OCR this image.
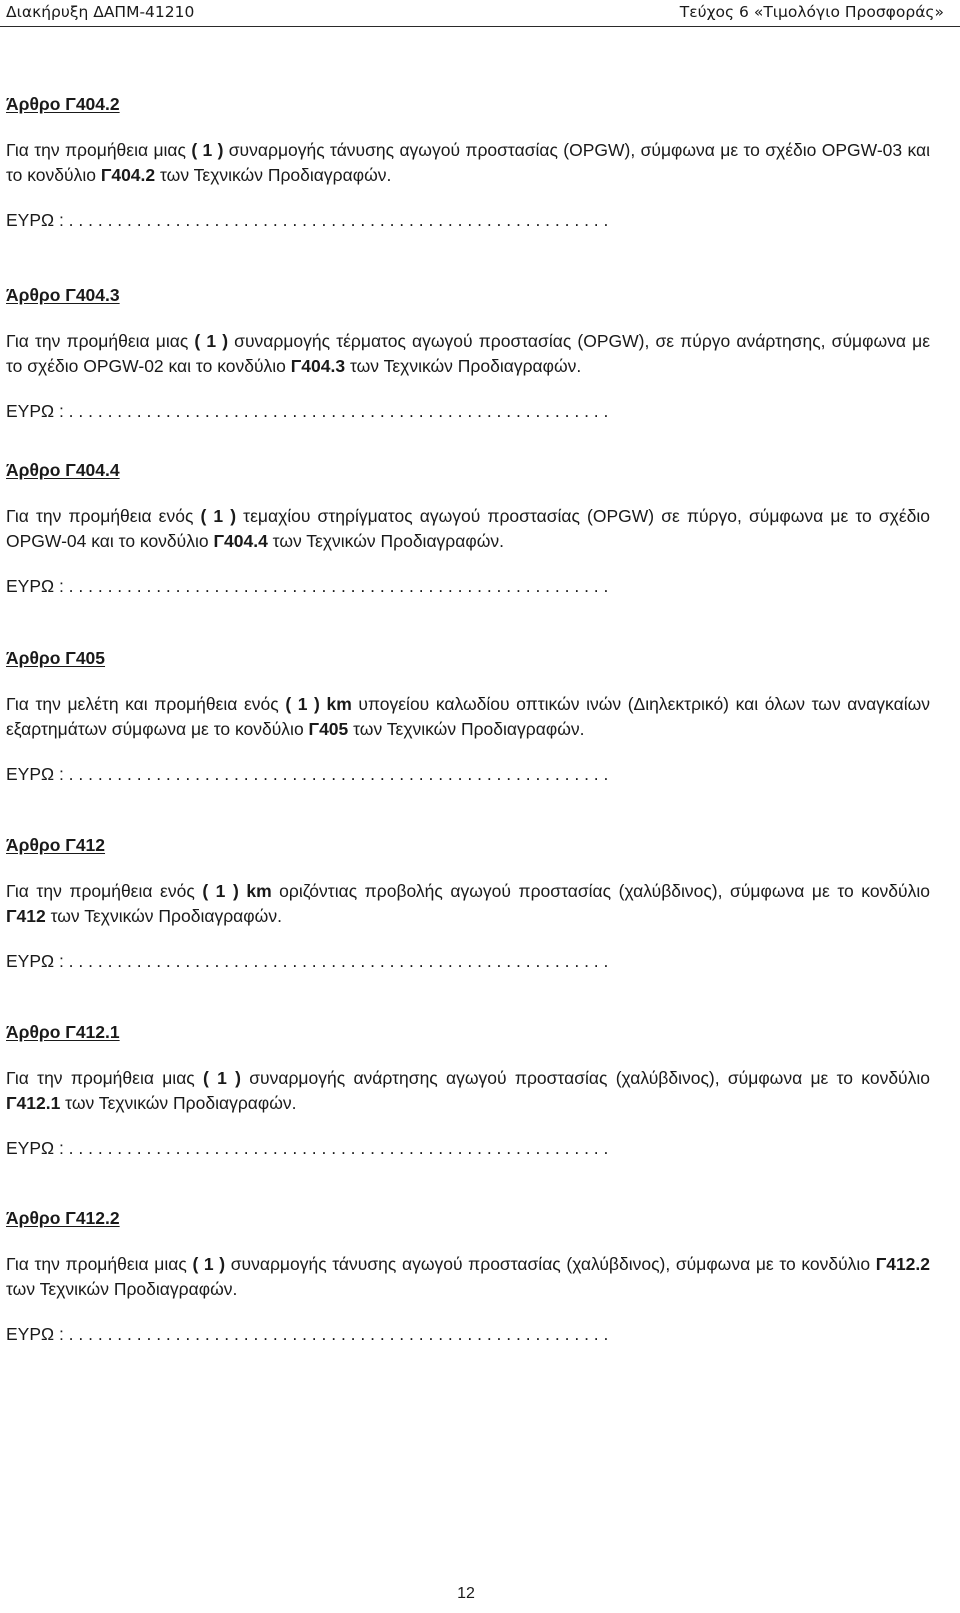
Διακήρυξη ΔΑΠΜ-41210	Τεύχος 6 «Τιμολόγιο Προσφοράς»

Άρθρο Γ404.2

Για την προμήθεια μιας ( 1 ) συναρμογής τάνυσης αγωγού προστασίας (OPGW), σύμφωνα με το σχέδιο OPGW-03 και το κονδύλιο Γ404.2 των Τεχνικών Προδιαγραφών.

ΕΥΡΩ : . . . . . . . . . . . . . . . . . . . . . . . . . . . . . . . . . . . . . . . . . . . . . . . . . . . . . . . .

Άρθρο Γ404.3

Για την προμήθεια μιας ( 1 ) συναρμογής τέρματος αγωγού προστασίας (OPGW), σε πύργο ανάρτησης, σύμφωνα με το σχέδιο OPGW-02 και το κονδύλιο Γ404.3 των Τεχνικών Προδιαγραφών.

ΕΥΡΩ : . . . . . . . . . . . . . . . . . . . . . . . . . . . . . . . . . . . . . . . . . . . . . . . . . . . . . . . .

Άρθρο Γ404.4

Για την προμήθεια ενός ( 1 ) τεμαχίου στηρίγματος αγωγού προστασίας (OPGW) σε πύργο, σύμφωνα με το σχέδιο OPGW-04 και το κονδύλιο Γ404.4 των Τεχνικών Προδιαγραφών.

ΕΥΡΩ : . . . . . . . . . . . . . . . . . . . . . . . . . . . . . . . . . . . . . . . . . . . . . . . . . . . . . . . .

Άρθρο Γ405

Για την μελέτη και προμήθεια ενός ( 1 ) km υπογείου καλωδίου οπτικών ινών (Διηλεκτρικό) και όλων των αναγκαίων εξαρτημάτων σύμφωνα με το κονδύλιο Γ405 των Τεχνικών Προδιαγραφών.

ΕΥΡΩ : . . . . . . . . . . . . . . . . . . . . . . . . . . . . . . . . . . . . . . . . . . . . . . . . . . . . . . . .

Άρθρο Γ412

Για την προμήθεια ενός ( 1 ) km οριζόντιας προβολής αγωγού προστασίας (χαλύβδινος), σύμφωνα με το κονδύλιο Γ412 των Τεχνικών Προδιαγραφών.

ΕΥΡΩ : . . . . . . . . . . . . . . . . . . . . . . . . . . . . . . . . . . . . . . . . . . . . . . . . . . . . . . . .

Άρθρο Γ412.1

Για την προμήθεια μιας ( 1 ) συναρμογής ανάρτησης αγωγού προστασίας (χαλύβδινος), σύμφωνα με το κονδύλιο Γ412.1 των Τεχνικών Προδιαγραφών.

ΕΥΡΩ : . . . . . . . . . . . . . . . . . . . . . . . . . . . . . . . . . . . . . . . . . . . . . . . . . . . . . . . .

Άρθρο Γ412.2

Για την προμήθεια μιας ( 1 ) συναρμογής τάνυσης αγωγού προστασίας (χαλύβδινος), σύμφωνα με το κονδύλιο Γ412.2 των Τεχνικών Προδιαγραφών.

ΕΥΡΩ : . . . . . . . . . . . . . . . . . . . . . . . . . . . . . . . . . . . . . . . . . . . . . . . . . . . . . . . .
12
